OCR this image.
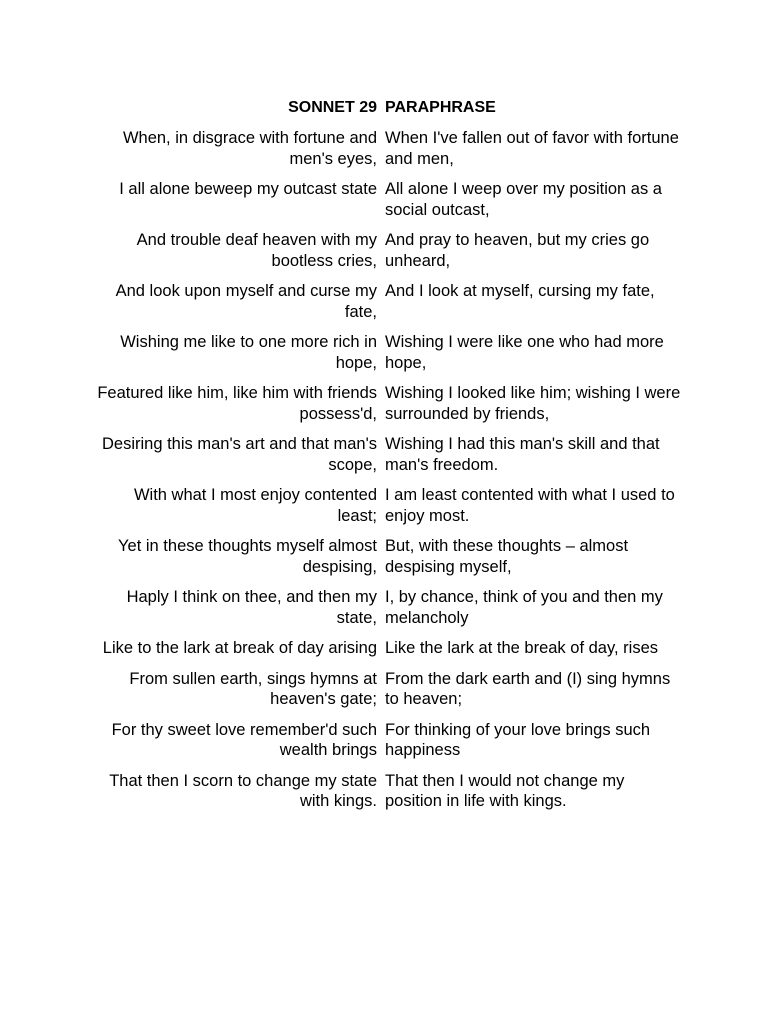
SONNET 29	PARAPHRASE
When, in disgrace with fortune and men's eyes,	When I've fallen out of favor with fortune and men,
I all alone beweep my outcast state	All alone I weep over my position as a social outcast,
And trouble deaf heaven with my bootless cries,	And pray to heaven, but my cries go unheard,
And look upon myself and curse my fate,	And I look at myself, cursing my fate,
Wishing me like to one more rich in hope,	Wishing I were like one who had more hope,
Featured like him, like him with friends possess'd,	Wishing I looked like him; wishing I were surrounded by friends,
Desiring this man's art and that man's scope,	Wishing I had this man's skill and that man's freedom.
With what I most enjoy contented least;	I am least contented with what I used to enjoy most.
Yet in these thoughts myself almost despising,	But, with these thoughts – almost despising myself,
Haply I think on thee, and then my state,	I, by chance, think of you and then my melancholy
Like to the lark at break of day arising	Like the lark at the break of day, rises
From sullen earth, sings hymns at heaven's gate;	From the dark earth and (I) sing hymns to heaven;
For thy sweet love remember'd such wealth brings	For thinking of your love brings such happiness
That then I scorn to change my state with kings.	That then I would not change my position in life with kings.
